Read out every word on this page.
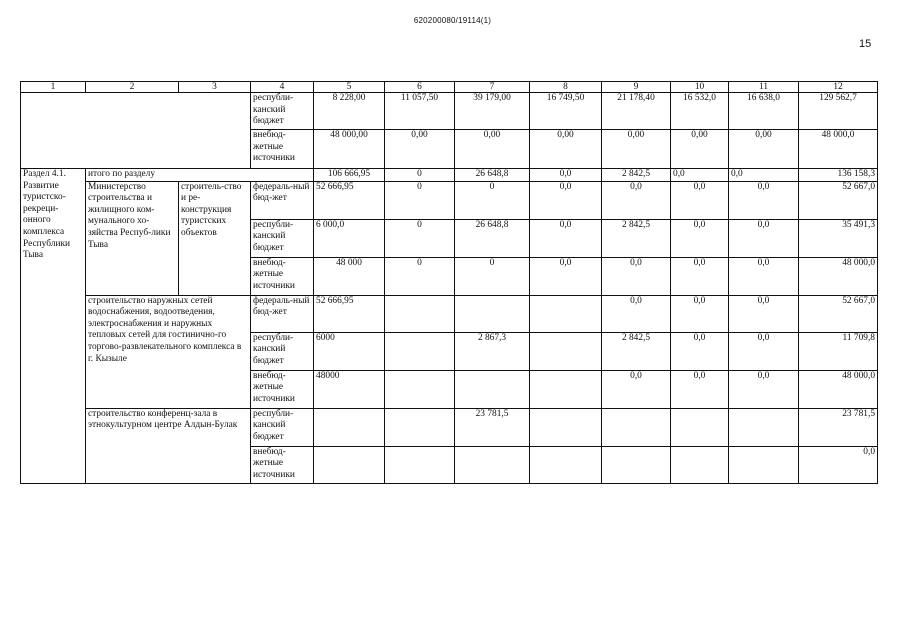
620200080/19114(1)
15
1	2	3	4	5	6	7	8	9	10	11	12
			республи-канский бюджет	8 228,00	11 057,50	39 179,00	16 749,50	21 178,40	16 532,0	16 638,0	129 562,7
			внебюд-жетные источники	48 000,00	0,00	0,00	0,00	0,00	0,00	0,00	48 000,0
Раздел 4.1. Развитие туристско-рекреци-онного комплекса Республики Тыва	итого по разделу			106 666,95	0	26 648,8	0,0	2 842,5	0,0	0,0	136 158,3
	Министерство строительства и жилищного ком-мунального хо-зяйства Респуб-лики Тыва	строитель-ство и ре-конструкция туристских объектов	федераль-ный бюд-жет	52 666,95	0	0	0,0	0,0	0,0	0,0	52 667,0
			республи-канский бюджет	6 000,0	0	26 648,8	0,0	2 842,5	0,0	0,0	35 491,3
			внебюд-жетные источники	48 000	0	0	0,0	0,0	0,0	0,0	48 000,0
	строительство наружных сетей водоснабжения, водоотведения, электроснабжения и наружных тепловых сетей для гостинично-го торгово-развлекательного комплекса в г. Кызыле		федераль-ный бюд-жет	52 666,95				0,0	0,0	0,0	52 667,0
			республи-канский бюджет	6000		2 867,3		2 842,5	0,0	0,0	11 709,8
			внебюд-жетные источники	48000				0,0	0,0	0,0	48 000,0
	строительство конференц-зала в этнокультурном центре Алдын-Булак		республи-канский бюджет			23 781,5					23 781,5
			внебюд-жетные источники								0,0
